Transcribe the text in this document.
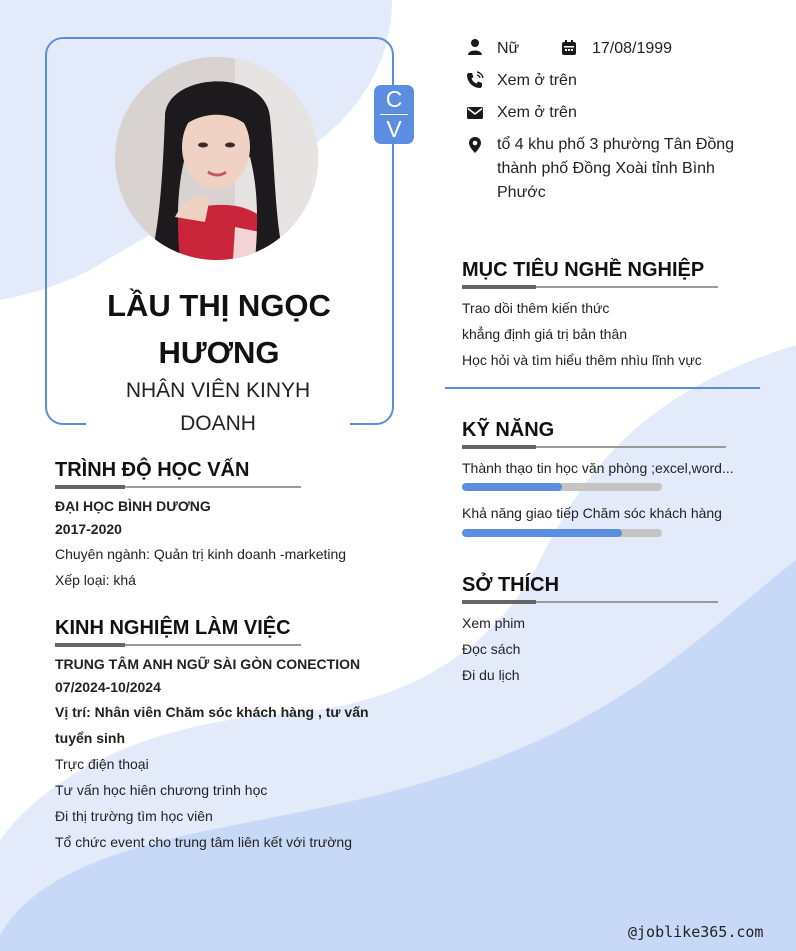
C
V
LẦU THỊ NGỌC HƯƠNG
NHÂN VIÊN KINYH DOANH
Nữ	17/08/1999
Xem ở trên
Xem ở trên
tổ 4 khu phố 3 phường Tân Đồng thành phố Đồng Xoài tỉnh Bình Phước
MỤC TIÊU NGHỀ NGHIỆP
Trao dồi thêm kiến thức
khẳng định giá trị bản thân
Học hỏi và tìm hiểu thêm nhìu lĩnh vực
KỸ NĂNG
Thành thạo tin học văn phòng ;excel,word...
Khả năng giao tiếp Chăm sóc khách hàng
SỞ THÍCH
Xem phim
Đọc sách
Đi du lịch
TRÌNH ĐỘ HỌC VẤN
ĐẠI HỌC BÌNH DƯƠNG
2017-2020
Chuyên ngành: Quản trị kinh doanh -marketing
Xếp loại: khá
KINH NGHIỆM LÀM VIỆC
TRUNG TÂM ANH NGỮ SÀI GÒN CONECTION
07/2024-10/2024
Vị trí: Nhân viên Chăm sóc khách hàng , tư vấn tuyển sinh
Trực điện thoại
Tư vấn học hiên chương trình học
Đi thị trường tìm học viên
Tổ chức event cho trung tâm liên kết với trường
@joblike365.com
